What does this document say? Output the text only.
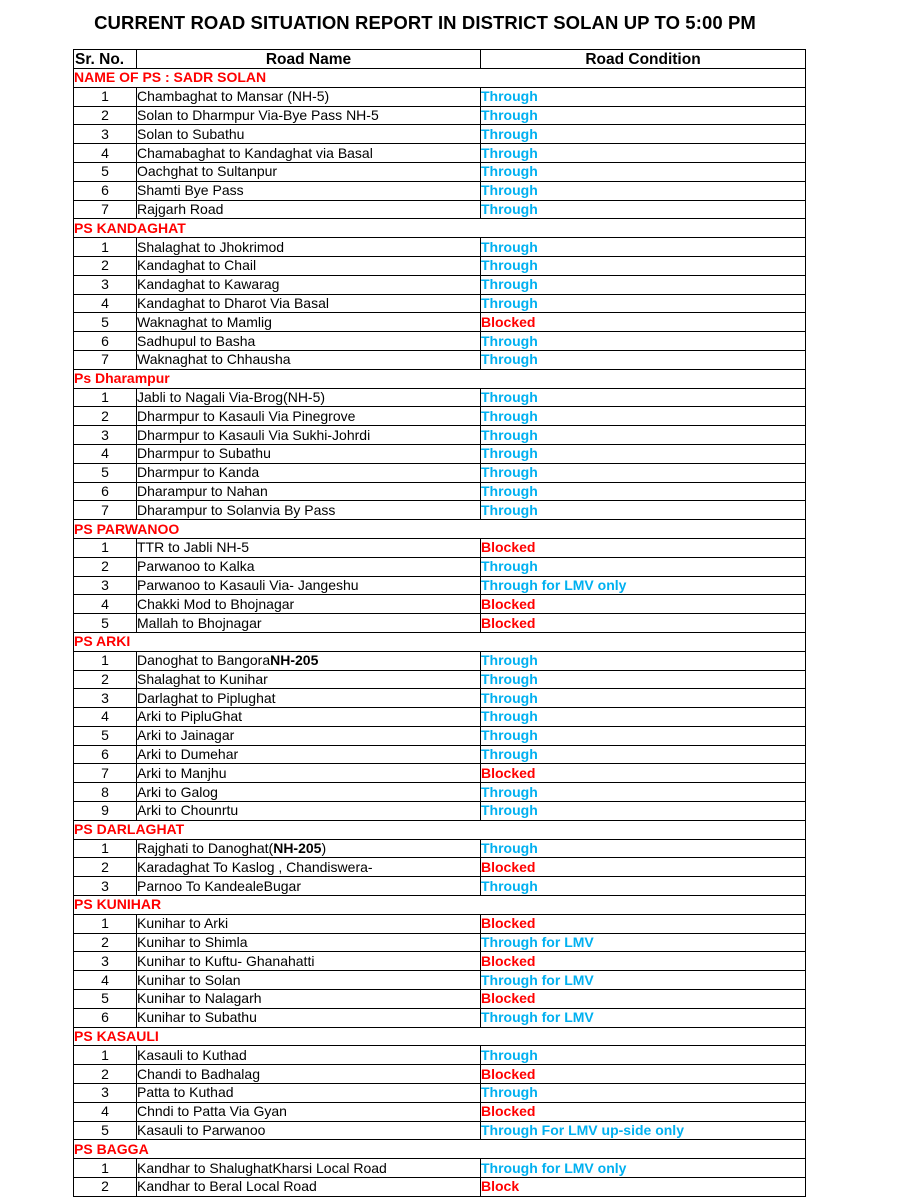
CURRENT ROAD SITUATION REPORT IN DISTRICT SOLAN UP TO 5:00 PM
Sr. No.	Road Name	Road Condition
NAME OF PS : SADR SOLAN		
1	Chambaghat to Mansar (NH-5)	Through
2	Solan to Dharmpur Via-Bye Pass NH-5	Through
3	Solan to Subathu	Through
4	Chamabaghat to Kandaghat via Basal	Through
5	Oachghat to Sultanpur	Through
6	Shamti Bye Pass	Through
7	Rajgarh Road	Through
PS KANDAGHAT		
1	Shalaghat to Jhokrimod	Through
2	Kandaghat to Chail	Through
3	Kandaghat to Kawarag	Through
4	Kandaghat to Dharot Via Basal	Through
5	Waknaghat to Mamlig	Blocked
6	Sadhupul to Basha	Through
7	Waknaghat to Chhausha	Through
Ps Dharampur		
1	Jabli to Nagali Via-Brog(NH-5)	Through
2	Dharmpur to Kasauli Via Pinegrove	Through
3	Dharmpur to Kasauli Via Sukhi-Johrdi	Through
4	Dharmpur to Subathu	Through
5	Dharmpur to Kanda	Through
6	Dharampur to Nahan	Through
7	Dharampur to Solanvia By Pass	Through
PS PARWANOO		
1	TTR to Jabli NH-5	Blocked
2	Parwanoo to Kalka	Through
3	Parwanoo to Kasauli Via- Jangeshu	Through for LMV only
4	Chakki Mod to Bhojnagar	Blocked
5	Mallah to Bhojnagar	Blocked
PS ARKI		
1	Danoghat to BangoraNH-205	Through
2	Shalaghat to Kunihar	Through
3	Darlaghat to Piplughat	Through
4	Arki to PipluGhat	Through
5	Arki to Jainagar	Through
6	Arki to Dumehar	Through
7	Arki to Manjhu	Blocked
8	Arki to Galog	Through
9	Arki to Chounrtu	Through
PS DARLAGHAT		
1	Rajghati to Danoghat(NH-205)	Through
2	Karadaghat To Kaslog , Chandiswera-	Blocked
3	Parnoo To KandealeBugar	Through
PS KUNIHAR		
1	Kunihar to Arki	Blocked
2	Kunihar to Shimla	Through for LMV
3	Kunihar to Kuftu- Ghanahatti	Blocked
4	Kunihar to Solan	Through for LMV
5	Kunihar to Nalagarh	Blocked
6	Kunihar to Subathu	Through for LMV
PS KASAULI		
1	Kasauli to Kuthad	Through
2	Chandi to Badhalag	Blocked
3	Patta to Kuthad	Through
4	Chndi to Patta Via Gyan	Blocked
5	Kasauli to Parwanoo	Through For LMV up-side only
PS BAGGA		
1	Kandhar to ShalughatKharsi Local Road	Through for LMV only
2	Kandhar to Beral Local Road	Block
